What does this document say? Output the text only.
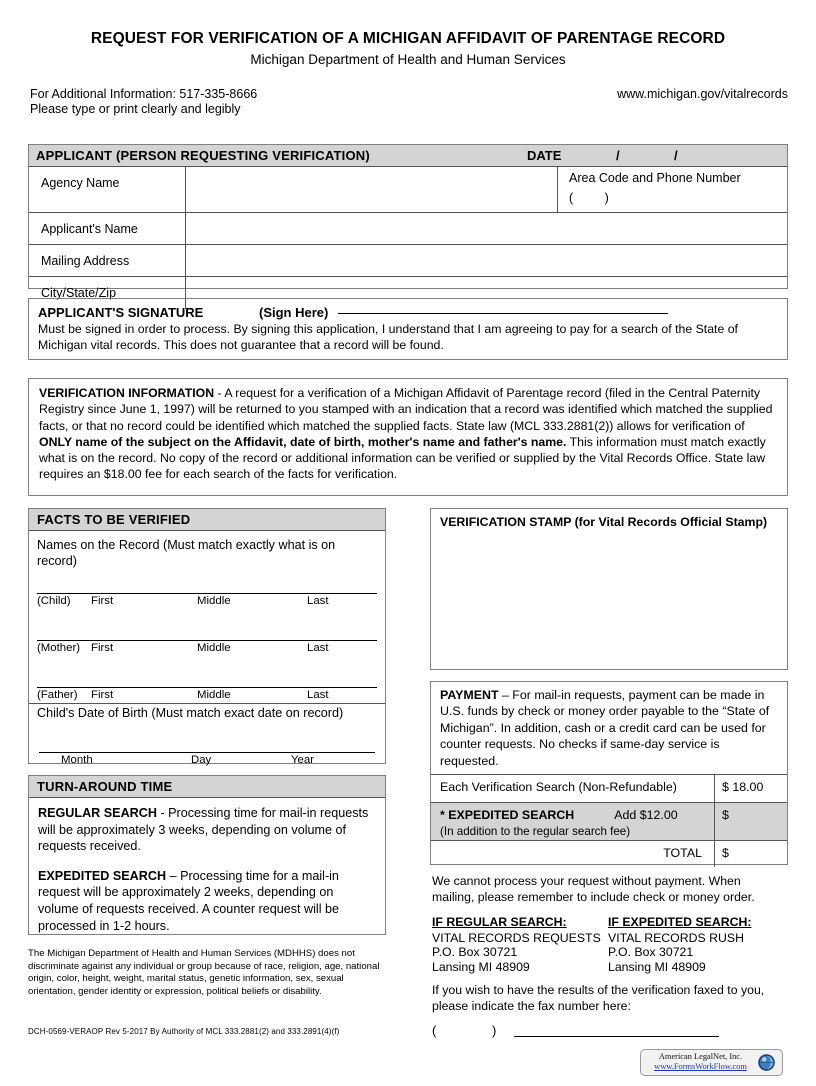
REQUEST FOR VERIFICATION OF A MICHIGAN AFFIDAVIT OF PARENTAGE RECORD
Michigan Department of Health and Human Services
For Additional Information: 517-335-8666	www.michigan.gov/vitalrecords
Please type or print clearly and legibly
APPLICANT (PERSON REQUESTING VERIFICATION)	DATE	/	/
Agency Name	Area Code and Phone Number
( )
Applicant's Name
Mailing Address
City/State/Zip
APPLICANT'S SIGNATURE	(Sign Here)
Must be signed in order to process. By signing this application, I understand that I am agreeing to pay for a search of the State of Michigan vital records. This does not guarantee that a record will be found.
VERIFICATION INFORMATION - A request for a verification of a Michigan Affidavit of Parentage record (filed in the Central Paternity Registry since June 1, 1997) will be returned to you stamped with an indication that a record was identified which matched the supplied facts, or that no record could be identified which matched the supplied facts. State law (MCL 333.2881(2)) allows for verification of ONLY name of the subject on the Affidavit, date of birth, mother's name and father's name. This information must match exactly what is on the record. No copy of the record or additional information can be verified or supplied by the Vital Records Office. State law requires an $18.00 fee for each search of the facts for verification.
FACTS TO BE VERIFIED
Names on the Record (Must match exactly what is on record)
(Child) First	Middle	Last
(Mother) First	Middle	Last
(Father) First	Middle	Last
Child's Date of Birth (Must match exact date on record)
Month	Day	Year
TURN-AROUND TIME
REGULAR SEARCH - Processing time for mail-in requests will be approximately 3 weeks, depending on volume of requests received.
EXPEDITED SEARCH – Processing time for a mail-in request will be approximately 2 weeks, depending on volume of requests received. A counter request will be processed in 1-2 hours.
The Michigan Department of Health and Human Services (MDHHS) does not discriminate against any individual or group because of race, religion, age, national origin, color, height, weight, marital status, genetic information, sex, sexual orientation, gender identity or expression, political beliefs or disability.
DCH-0569-VERAOP Rev 5-2017 By Authority of MCL 333.2881(2) and 333.2891(4)(f)
VERIFICATION STAMP (for Vital Records Official Stamp)
PAYMENT – For mail-in requests, payment can be made in U.S. funds by check or money order payable to the “State of Michigan”. In addition, cash or a credit card can be used for counter requests. No checks if same-day service is requested.
Each Verification Search (Non-Refundable)	$ 18.00
* EXPEDITED SEARCH	Add $12.00
(In addition to the regular search fee)
$
TOTAL $
We cannot process your request without payment. When mailing, please remember to include check or money order.
IF REGULAR SEARCH:
VITAL RECORDS REQUESTS
P.O. Box 30721
Lansing MI 48909
IF EXPEDITED SEARCH:
VITAL RECORDS RUSH
P.O. Box 30721
Lansing MI 48909
If you wish to have the results of the verification faxed to you, please indicate the fax number here:
(	)
American LegalNet, Inc.
www.FormsWorkFlow.com
